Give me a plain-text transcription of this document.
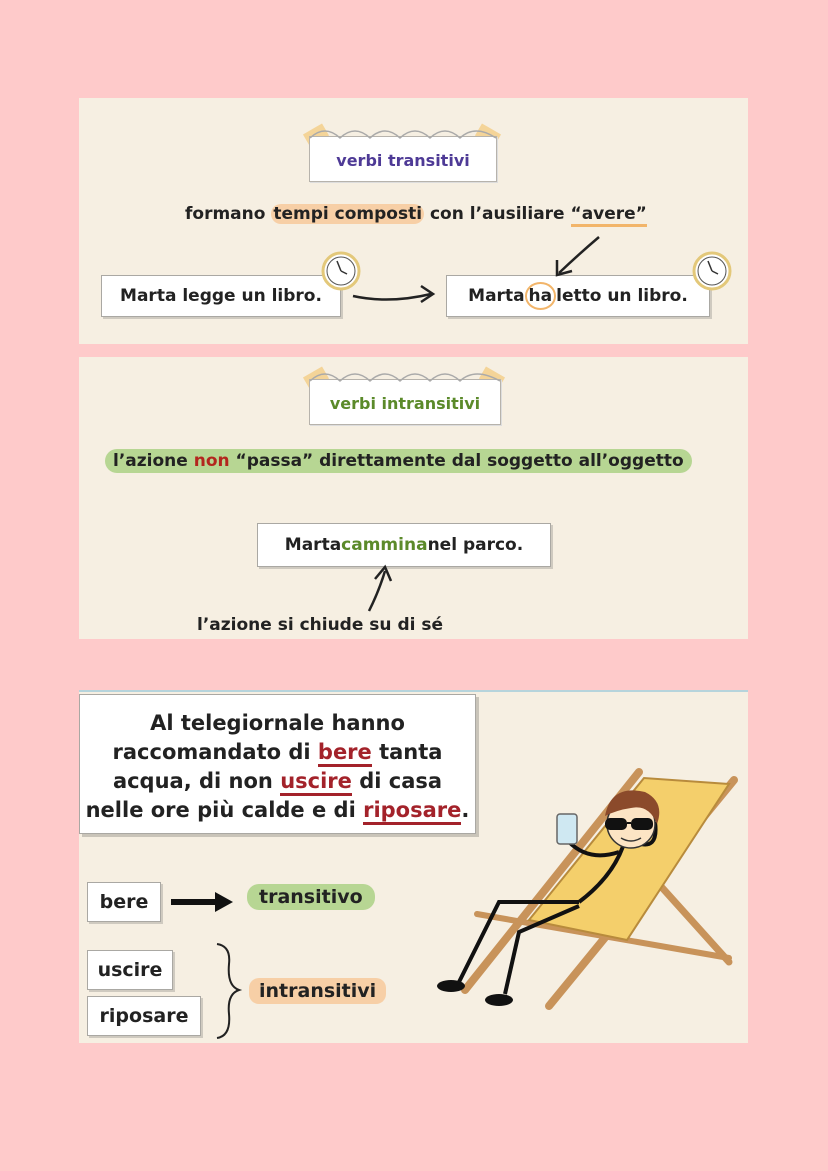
verbi transitivi
formano tempi composti con l’ausiliare “avere”
Marta legge un libro.	Marta ha letto un libro.
verbi intransitivi
l’azione non “passa” direttamente dal soggetto all’oggetto
Marta cammina nel parco.
l’azione si chiude su di sé
Al telegiornale hanno
raccomandato di bere tanta
acqua, di non uscire di casa
nelle ore più calde e di riposare.
bere	transitivo
uscire
riposare
intransitivi
